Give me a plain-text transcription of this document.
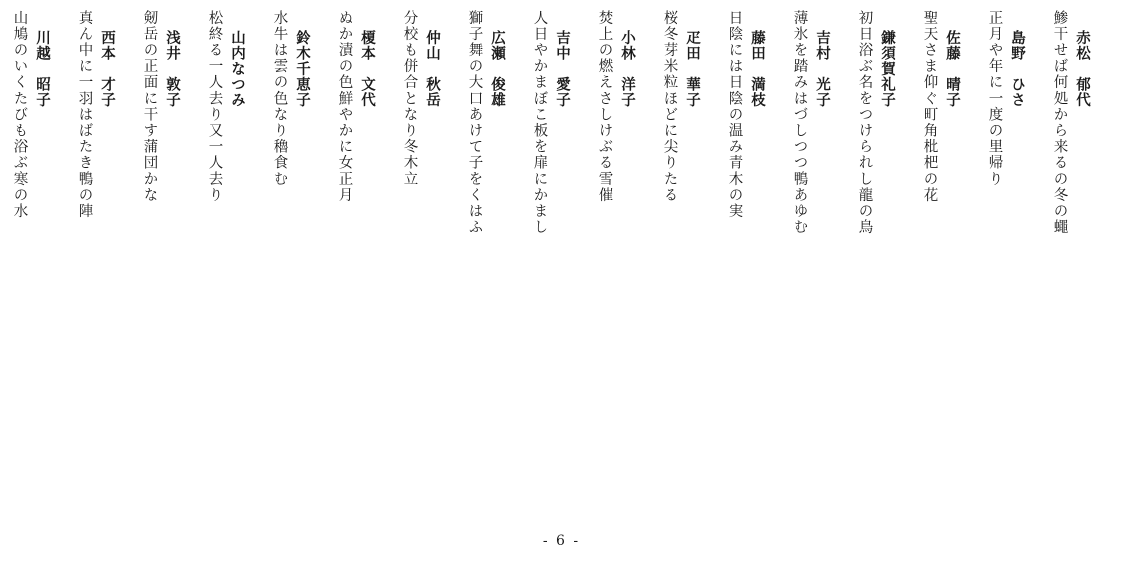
赤松　郁代
鯵干せば何処から来るの冬の蠅
島野　ひさ
正月や年に一度の里帰り
佐藤　晴子
聖天さま仰ぐ町角枇杷の花
鎌須賀礼子
初日浴ぶ名をつけられし龍の鳥
吉村　光子
薄氷を踏みはづしつつ鴨あゆむ
藤田　満枝
日陰には日陰の温み青木の実
疋田　華子
桜冬芽米粒ほどに尖りたる
小林　洋子
焚上の燃えさしけぶる雪催
吉中　愛子
人日やかまぼこ板を扉にかまし
広瀬　俊雄
獅子舞の大口あけて子をくはふ
仲山　秋岳
分校も併合となり冬木立
榎本　文代
ぬか漬の色鮮やかに女正月
鈴木千恵子
水牛は雲の色なり穭食む
山内なつみ
松終る一人去り又一人去り
浅井　敦子
剱岳の正面に干す蒲団かな
西本　才子
真ん中に一羽はばたき鴨の陣
川越　昭子
山鳩のいくたびも浴ぶ寒の水
- 6 -
